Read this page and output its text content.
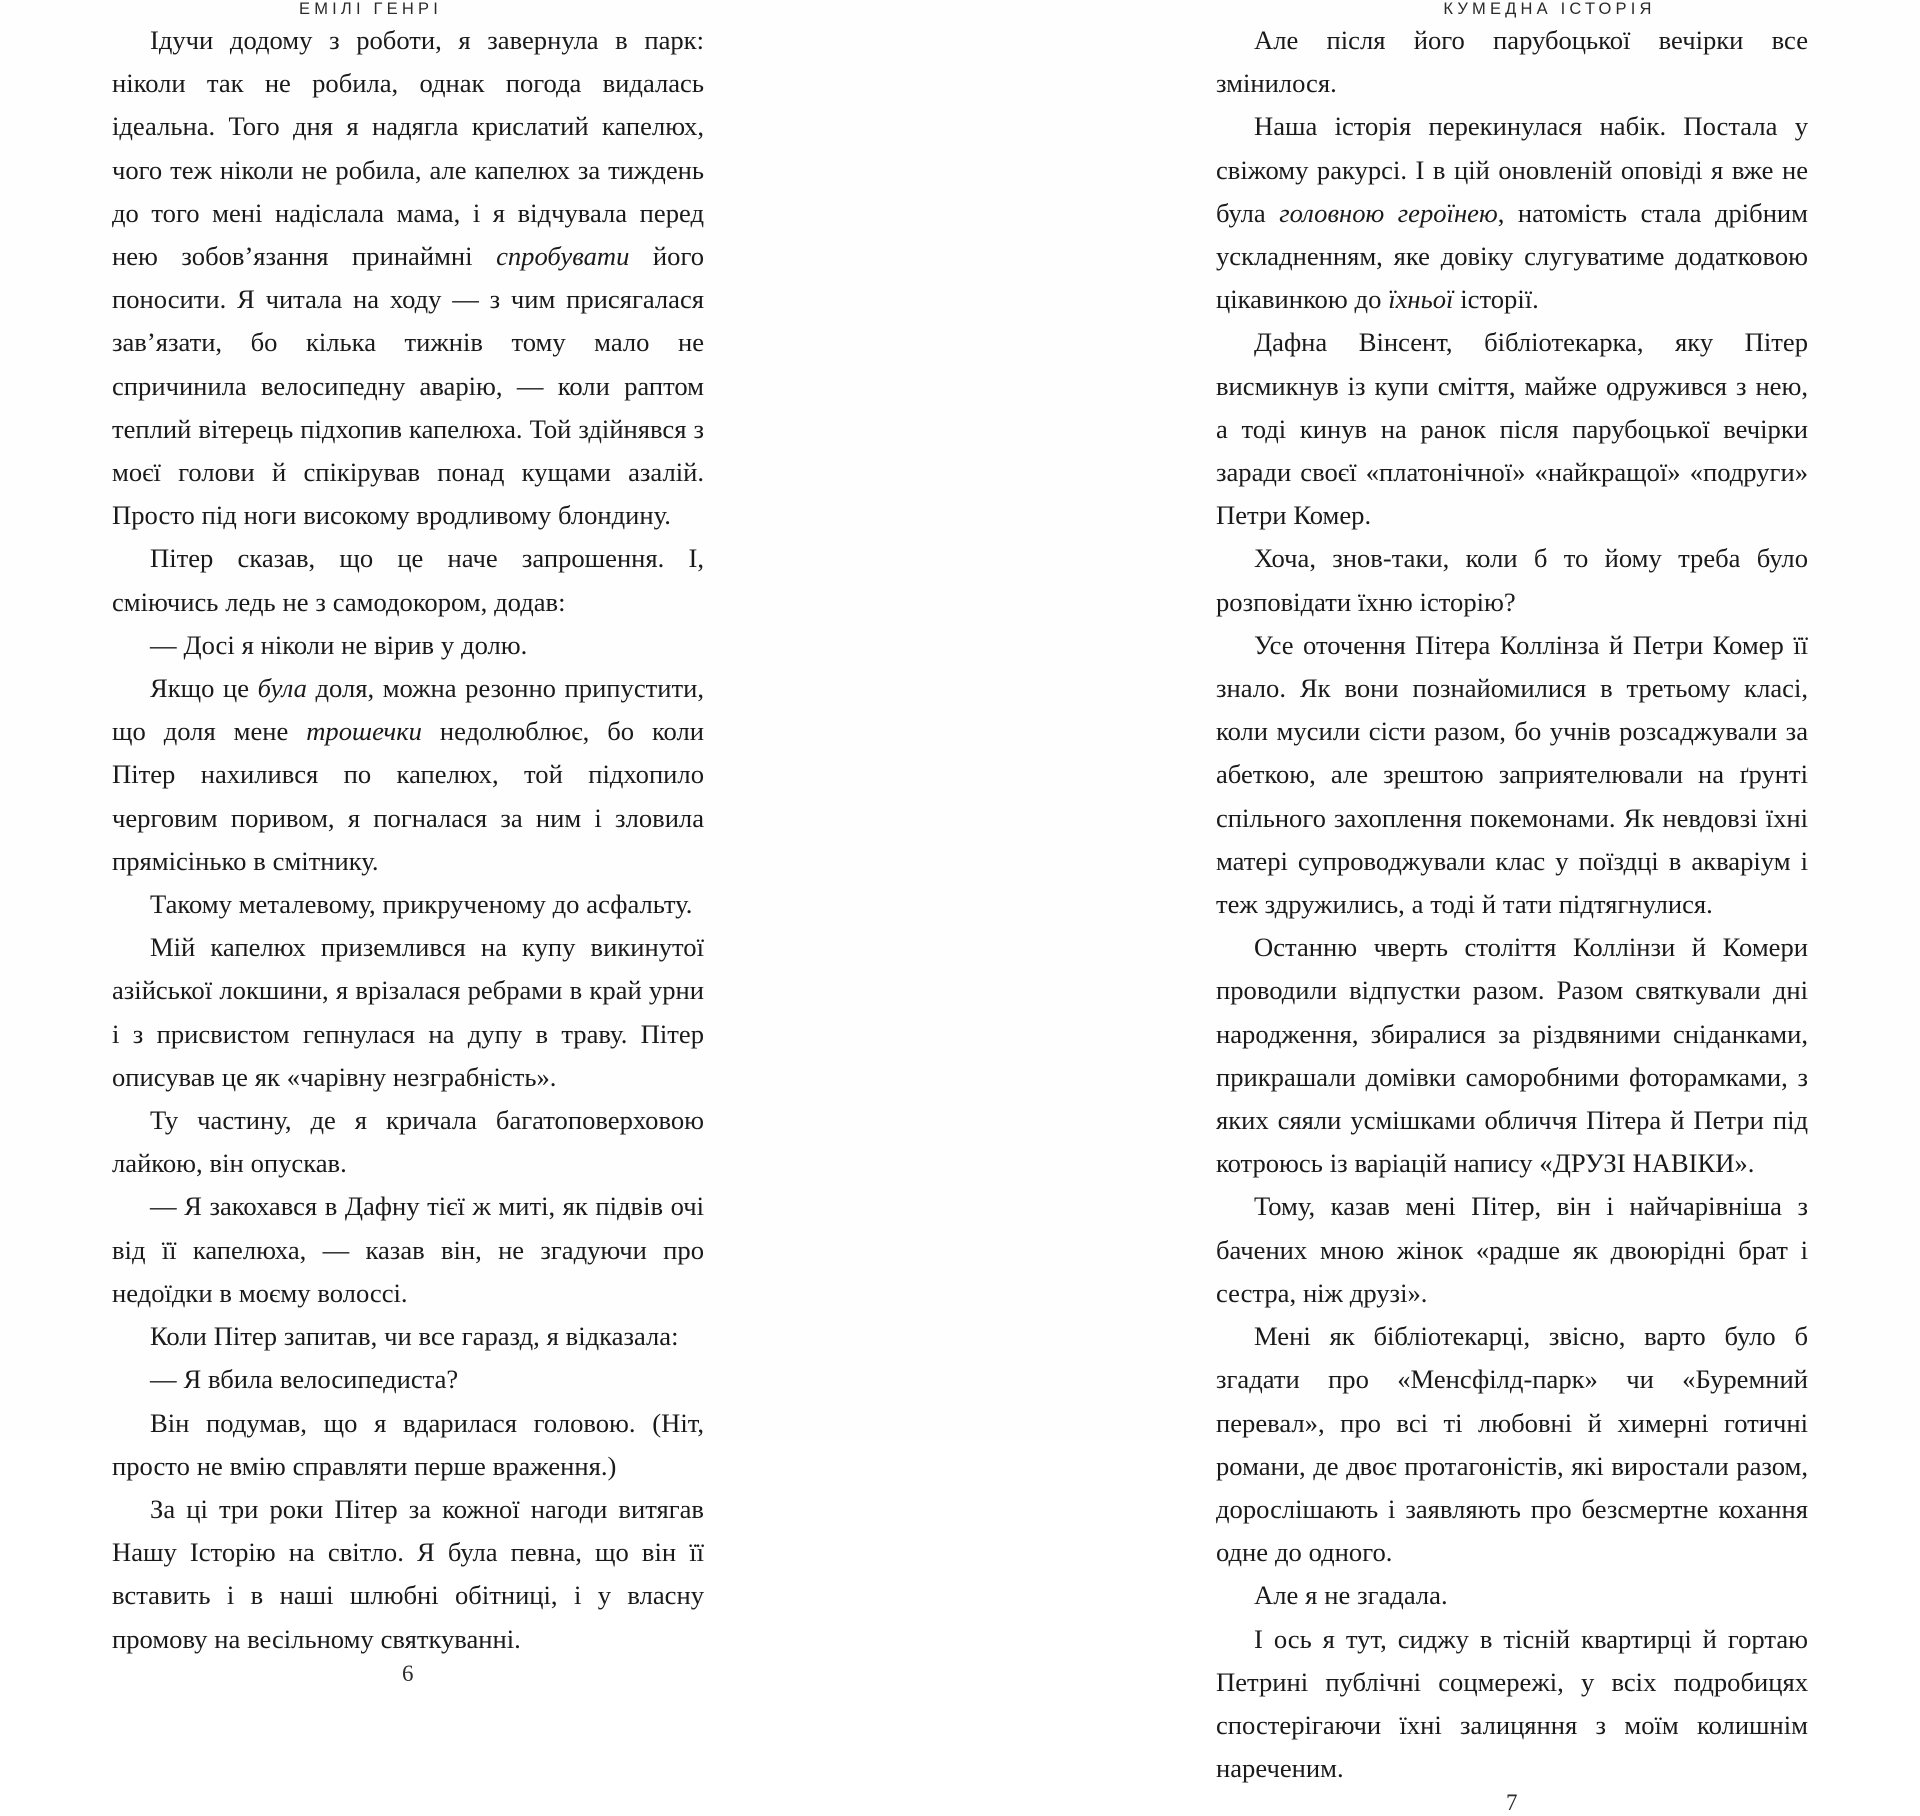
ЕМІЛІ ГЕНРІ

Ідучи додому з роботи, я завернула в парк: ніколи так не робила, однак погода видалась ідеальна. Того дня я надягла крислатий капелюх, чого теж ніколи не робила, але капелюх за тиждень до того мені надіслала мама, і я відчувала перед нею зобов’язання принаймні спробувати його поносити. Я читала на ходу — з чим присягалася зав’язати, бо кілька тижнів тому мало не спричинила велосипедну аварію, — коли раптом теплий вітерець підхопив капелюха. Той здійнявся з моєї голови й спікірував понад кущами азалій. Просто під ноги високому вродливому блондину.

Пітер сказав, що це наче запрошення. І, сміючись ледь не з самодокором, додав:

— Досі я ніколи не вірив у долю.

Якщо це була доля, можна резонно припустити, що доля мене трошечки недолюблює, бо коли Пітер нахилився по капелюх, той підхопило черговим поривом, я погналася за ним і зловила прямісінько в смітнику.

Такому металевому, прикрученому до асфальту.

Мій капелюх приземлився на купу викинутої азійської локшини, я врізалася ребрами в край урни і з присвистом гепнулася на дупу в траву. Пітер описував це як «чарівну незграбність».

Ту частину, де я кричала багатоповерховою лайкою, він опускав.

— Я закохався в Дафну тієї ж миті, як підвів очі від її капелюха, — казав він, не згадуючи про недоїдки в моєму волоссі.

Коли Пітер запитав, чи все гаразд, я відказала:

— Я вбила велосипедиста?

Він подумав, що я вдарилася головою. (Ніт, просто не вмію справляти перше враження.)

За ці три роки Пітер за кожної нагоди витягав Нашу Історію на світло. Я була певна, що він її вставить і в наші шлюбні обітниці, і у власну промову на весільному святкуванні.

6
КУМЕДНА ІСТОРІЯ

Але після його парубоцької вечірки все змінилося.

Наша історія перекинулася набік. Постала у свіжому ракурсі. І в цій оновленій оповіді я вже не була головною героїнею, натомість стала дрібним ускладненням, яке довіку слугуватиме додатковою цікавинкою до їхньої історії.

Дафна Вінсент, бібліотекарка, яку Пітер висмикнув із купи сміття, майже одружився з нею, а тоді кинув на ранок після парубоцької вечірки заради своєї «платонічної» «найкращої» «подруги» Петри Комер.

Хоча, знов-таки, коли б то йому треба було розповідати їхню історію?

Усе оточення Пітера Коллінза й Петри Комер її знало. Як вони познайомилися в третьому класі, коли мусили сісти разом, бо учнів розсаджували за абеткою, але зрештою заприятелювали на ґрунті спільного захоплення покемонами. Як невдовзі їхні матері супроводжували клас у поїздці в акваріум і теж здружились, а тоді й тати підтягнулися.

Останню чверть століття Коллінзи й Комери проводили відпустки разом. Разом святкували дні народження, збиралися за різдвяними сніданками, прикрашали домівки саморобними фоторамками, з яких сяяли усмішками обличчя Пітера й Петри під котроюсь із варіацій напису «ДРУЗІ НАВІКИ».

Тому, казав мені Пітер, він і найчарівніша з бачених мною жінок «радше як двоюрідні брат і сестра, ніж друзі».

Мені як бібліотекарці, звісно, варто було б згадати про «Менсфілд-парк» чи «Буремний перевал», про всі ті любовні й химерні готичні романи, де двоє протагоністів, які виростали разом, дорослішають і заявляють про безсмертне кохання одне до одного.

Але я не згадала.

І ось я тут, сиджу в тісній квартирці й гортаю Петрині публічні соцмережі, у всіх подробицях спостерігаючи їхні залицяння з моїм колишнім нареченим.

7
